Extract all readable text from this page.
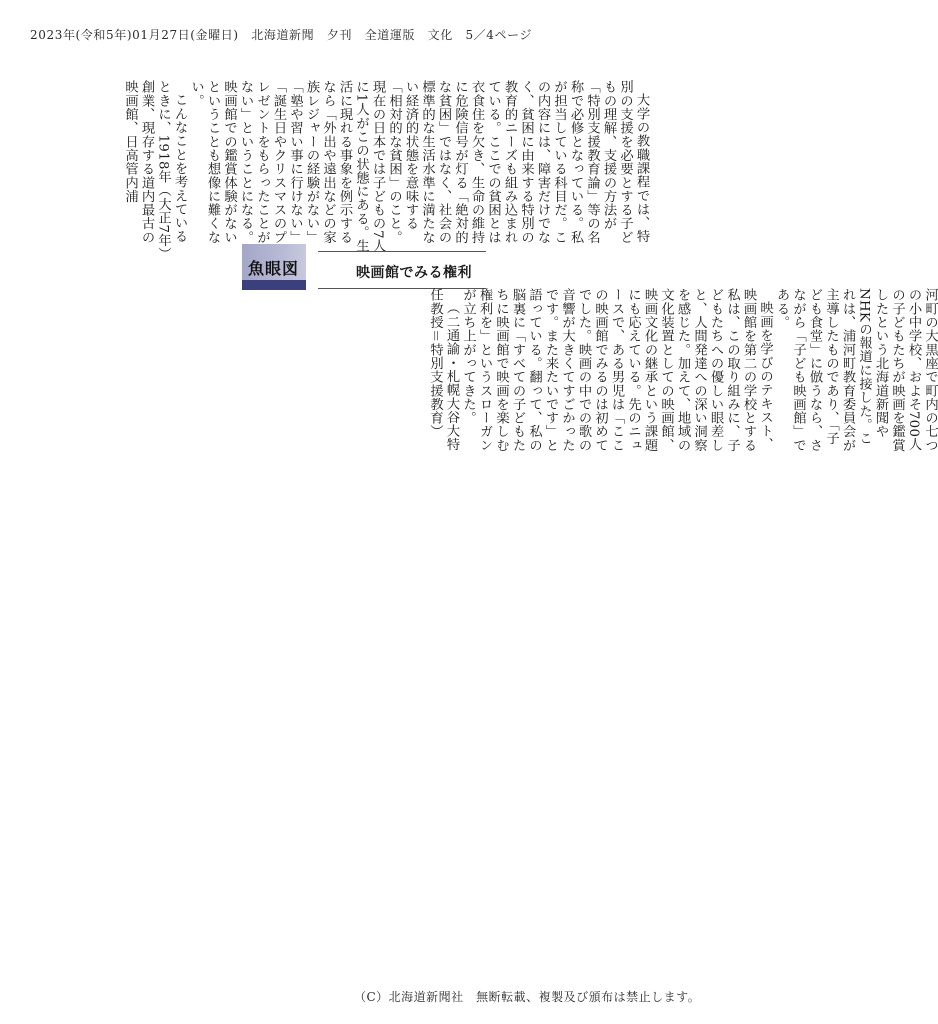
2023年(令和5年)01月27日(金曜日)　北海道新聞　夕刊　全道運版　文化　5／4ページ

大学の教職課程では、特別の支援を必要とする子どもの理解、支援の方法が「特別支援教育論」等の名称で必修となっている。私が担当している科目だ。この内容には、障害だけでなく、貧困に由来する特別の教育的ニーズも組み込まれている。ここでの貧困とは衣食住を欠き、生命の維持に危険信号が灯る「絶対的な貧困」ではなく、社会の標準的な生活水準に満たない経済的状態を意味する「相対的な貧困」のこと。現在の日本では子どもの7人に1人がこの状態にある。生活に現れる事象を例示するなら「外出や遠出などの家族レジャーの経験がない」「塾や習い事に行けない」「誕生日やクリスマスのプレゼントをもらったことがない」ということになる。映画館での鑑賞体験がないということも想像に難くない。

こんなことを考えているときに、1918年（大正7年）創業、現存する道内最古の映画館、日高管内浦

映画館でみる権利
魚眼図

河町の大黒座で町内の七つの小中学校、およそ700人の子どもたちが映画を鑑賞したという北海道新聞やNHKの報道に接した。これは、浦河町教育委員会が主導したものであり、「子ども食堂」に倣うなら、さながら「子ども映画館」である。

映画を学びのテキスト、映画館を第二の学校とする私は、この取り組みに、子どもたちへの優しい眼差しと、人間発達への深い洞察を感じた。加えて、地域の文化装置としての映画館、映画文化の継承という課題にも応えている。先のニュースで、ある男児は「ここの映画館でみるのは初めてでした。映画の中での歌の音響が大きくてすごかったです。また来たいです」と語っている。翻って、私の脳裏に「すべての子どもたちに映画館で映画を楽しむ権利を」というスローガンが立ち上がってきた。

（二通諭・札幌大谷大特任教授＝特別支援教育）

（C）北海道新聞社　無断転載、複製及び頒布は禁止します。
